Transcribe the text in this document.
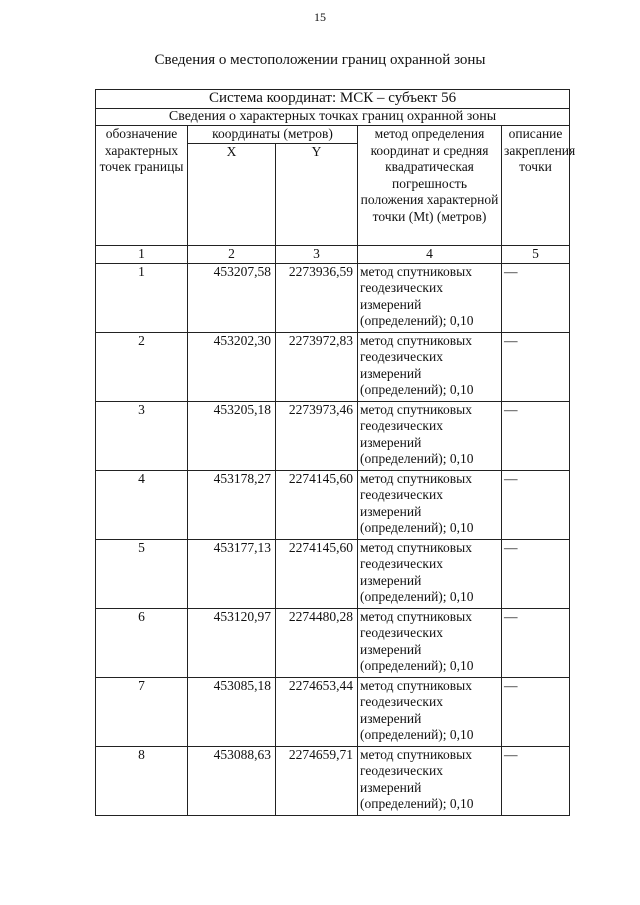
15
Сведения о местоположении границ охранной зоны
Система координат: МСК – субъект 56				
Сведения о характерных точках границ охранной зоны				
обозначение характерных точек границы	координаты (метров)		метод определения координат и средняя квадратическая погрешность положения характерной точки (Mt) (метров)	описание закрепления точки
	X	Y		
1	2	3	4	5
1	453207,58	2273936,59	метод спутниковых геодезических измерений (определений); 0,10	—
2	453202,30	2273972,83	метод спутниковых геодезических измерений (определений); 0,10	—
3	453205,18	2273973,46	метод спутниковых геодезических измерений (определений); 0,10	—
4	453178,27	2274145,60	метод спутниковых геодезических измерений (определений); 0,10	—
5	453177,13	2274145,60	метод спутниковых геодезических измерений (определений); 0,10	—
6	453120,97	2274480,28	метод спутниковых геодезических измерений (определений); 0,10	—
7	453085,18	2274653,44	метод спутниковых геодезических измерений (определений); 0,10	—
8	453088,63	2274659,71	метод спутниковых геодезических измерений (определений); 0,10	—
